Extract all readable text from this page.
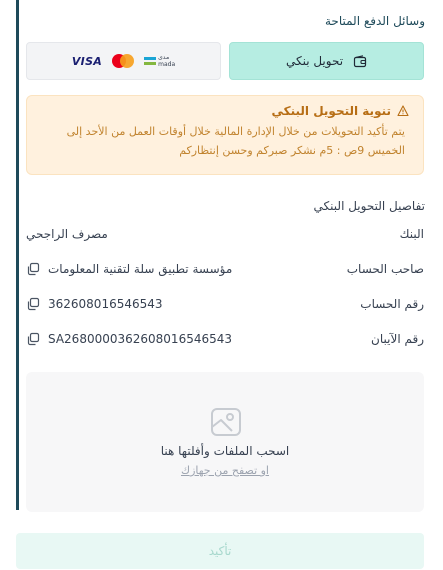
وسائل الدفع المتاحة
VISA	مدى
mada	تحويل بنكي
تنوية التحويل البنكي
يتم تأكيد التحويلات من خلال الإدارة المالية خلال أوقات العمل من الأحد إلى الخميس 9ص : 5م نشكر صبركم وحسن إنتظاركم
تفاصيل التحويل البنكي
البنك
مصرف الراجحي
صاحب الحساب
مؤسسة تطبيق سلة لتقنية المعلومات
رقم الحساب
362608016546543
رقم الآيبان
SA2680000362608016546543
اسحب الملفات وأفلتها هنا
او تصفح من جهازك
تأكيد
